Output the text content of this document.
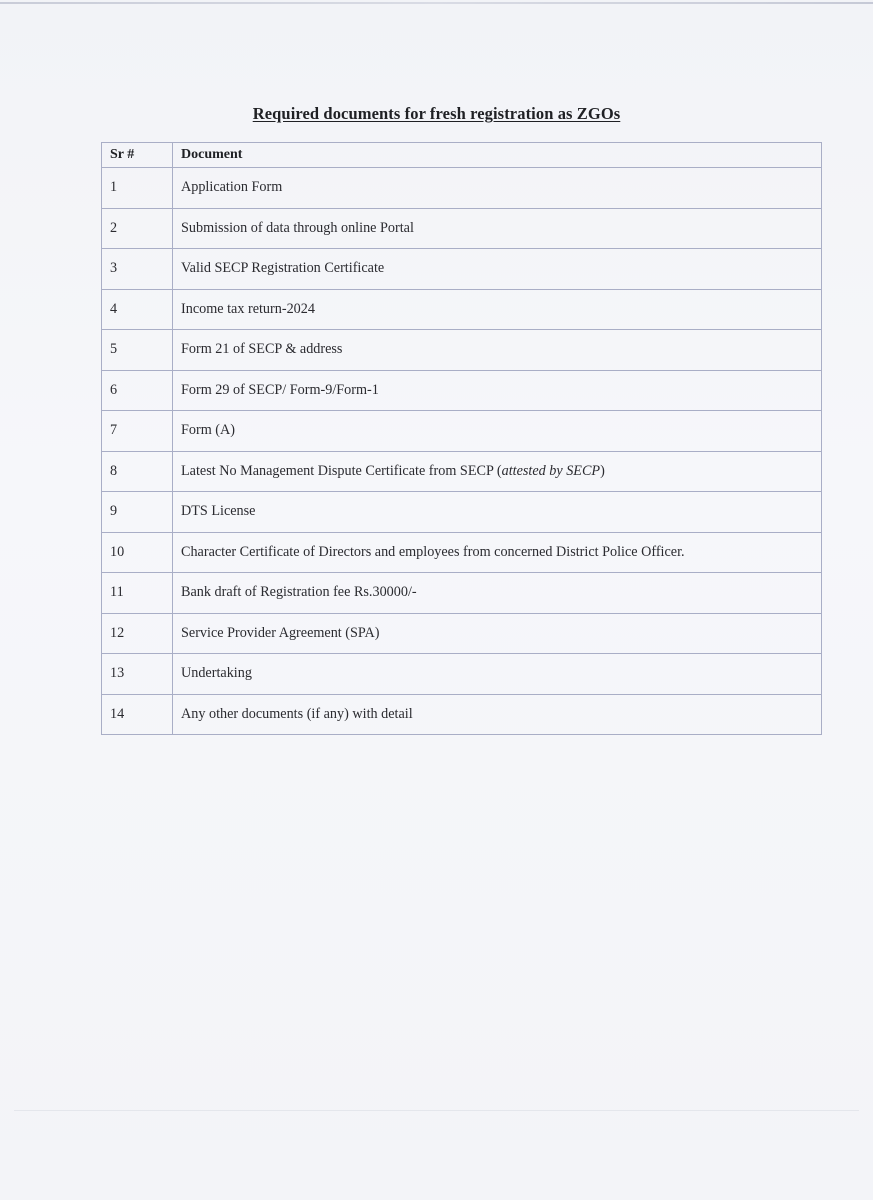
Required documents for fresh registration as ZGOs
Sr #	Document
1	Application Form
2	Submission of data through online Portal
3	Valid SECP Registration Certificate
4	Income tax return-2024
5	Form 21 of SECP & address
6	Form 29 of SECP/ Form-9/Form-1
7	Form (A)
8	Latest No Management Dispute Certificate from SECP (attested by SECP)
9	DTS License
10	Character Certificate of Directors and employees from concerned District Police Officer.
11	Bank draft of Registration fee Rs.30000/-
12	Service Provider Agreement (SPA)
13	Undertaking
14	Any other documents (if any) with detail
